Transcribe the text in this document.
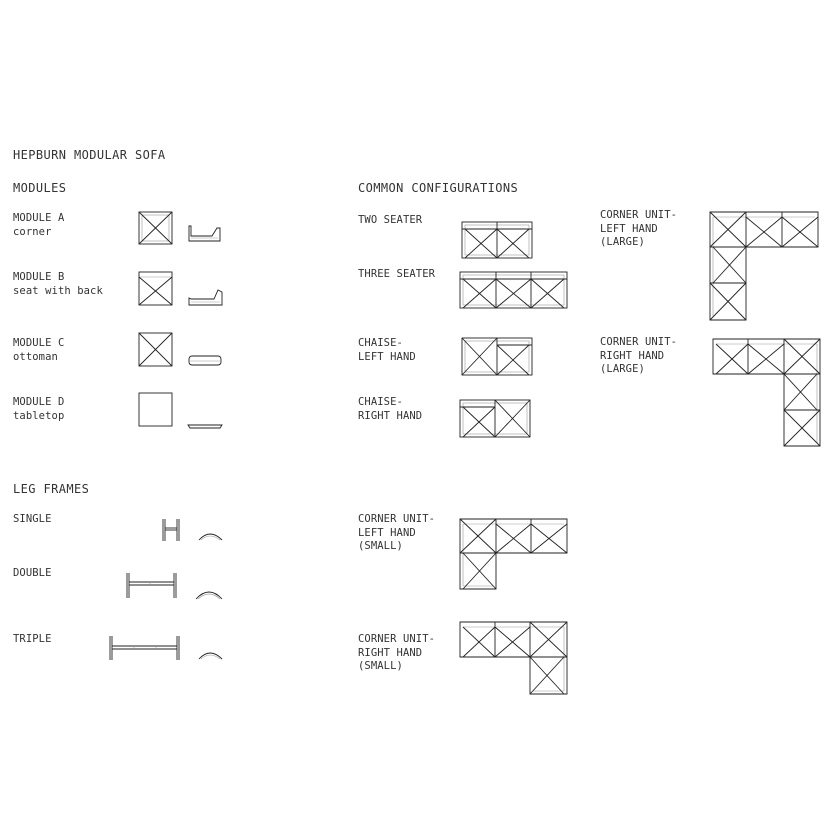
HEPBURN MODULAR SOFA
MODULES	COMMON CONFIGURATIONS
LEG FRAMES
MODULE A
corner
MODULE B
seat with back
MODULE C
ottoman
MODULE D
tabletop
SINGLE
DOUBLE
TRIPLE
TWO SEATER
THREE SEATER
CHAISE-
LEFT HAND
CHAISE-
RIGHT HAND
CORNER UNIT-
LEFT HAND
(SMALL)
CORNER UNIT-
RIGHT HAND
(SMALL)
CORNER UNIT-
LEFT HAND
(LARGE)
CORNER UNIT-
RIGHT HAND
(LARGE)
